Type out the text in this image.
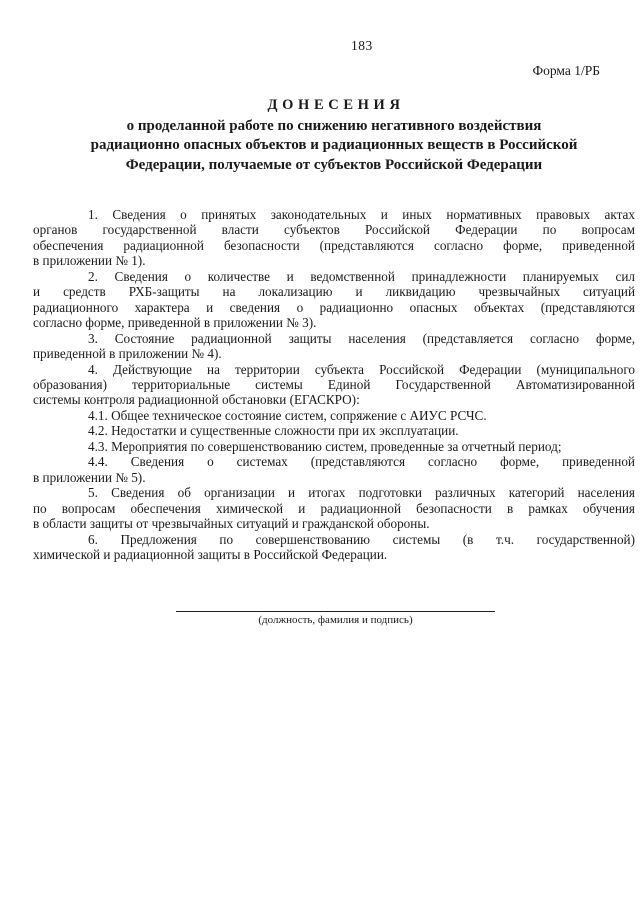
183
Форма 1/РБ
Д О Н Е С Е Н И Я
о проделанной работе по снижению негативного воздействия
радиационно опасных объектов и радиационных веществ в Российской
Федерации, получаемые от субъектов Российской Федерации
1. Сведения о принятых законодательных и иных нормативных правовых актах
органов государственной власти субъектов Российской Федерации по вопросам
обеспечения радиационной безопасности (представляются согласно форме, приведенной
в приложении № 1).
2. Сведения о количестве и ведомственной принадлежности планируемых сил
и средств РХБ-защиты на локализацию и ликвидацию чрезвычайных ситуаций
радиационного характера и сведения о радиационно опасных объектах (представляются
согласно форме, приведенной в приложении № 3).
3. Состояние радиационной защиты населения (представляется согласно форме,
приведенной в приложении № 4).
4. Действующие на территории субъекта Российской Федерации (муниципального
образования) территориальные системы Единой Государственной Автоматизированной
системы контроля радиационной обстановки (ЕГАСКРО):
4.1. Общее техническое состояние систем, сопряжение с АИУС РСЧС.
4.2. Недостатки и существенные сложности при их эксплуатации.
4.3. Мероприятия по совершенствованию систем, проведенные за отчетный период;
4.4. Сведения о системах (представляются согласно форме, приведенной
в приложении № 5).
5. Сведения об организации и итогах подготовки различных категорий населения
по вопросам обеспечения химической и радиационной безопасности в рамках обучения
в области защиты от чрезвычайных ситуаций и гражданской обороны.
6. Предложения по совершенствованию системы (в т.ч. государственной)
химической и радиационной защиты в Российской Федерации.
(должность, фамилия и подпись)
